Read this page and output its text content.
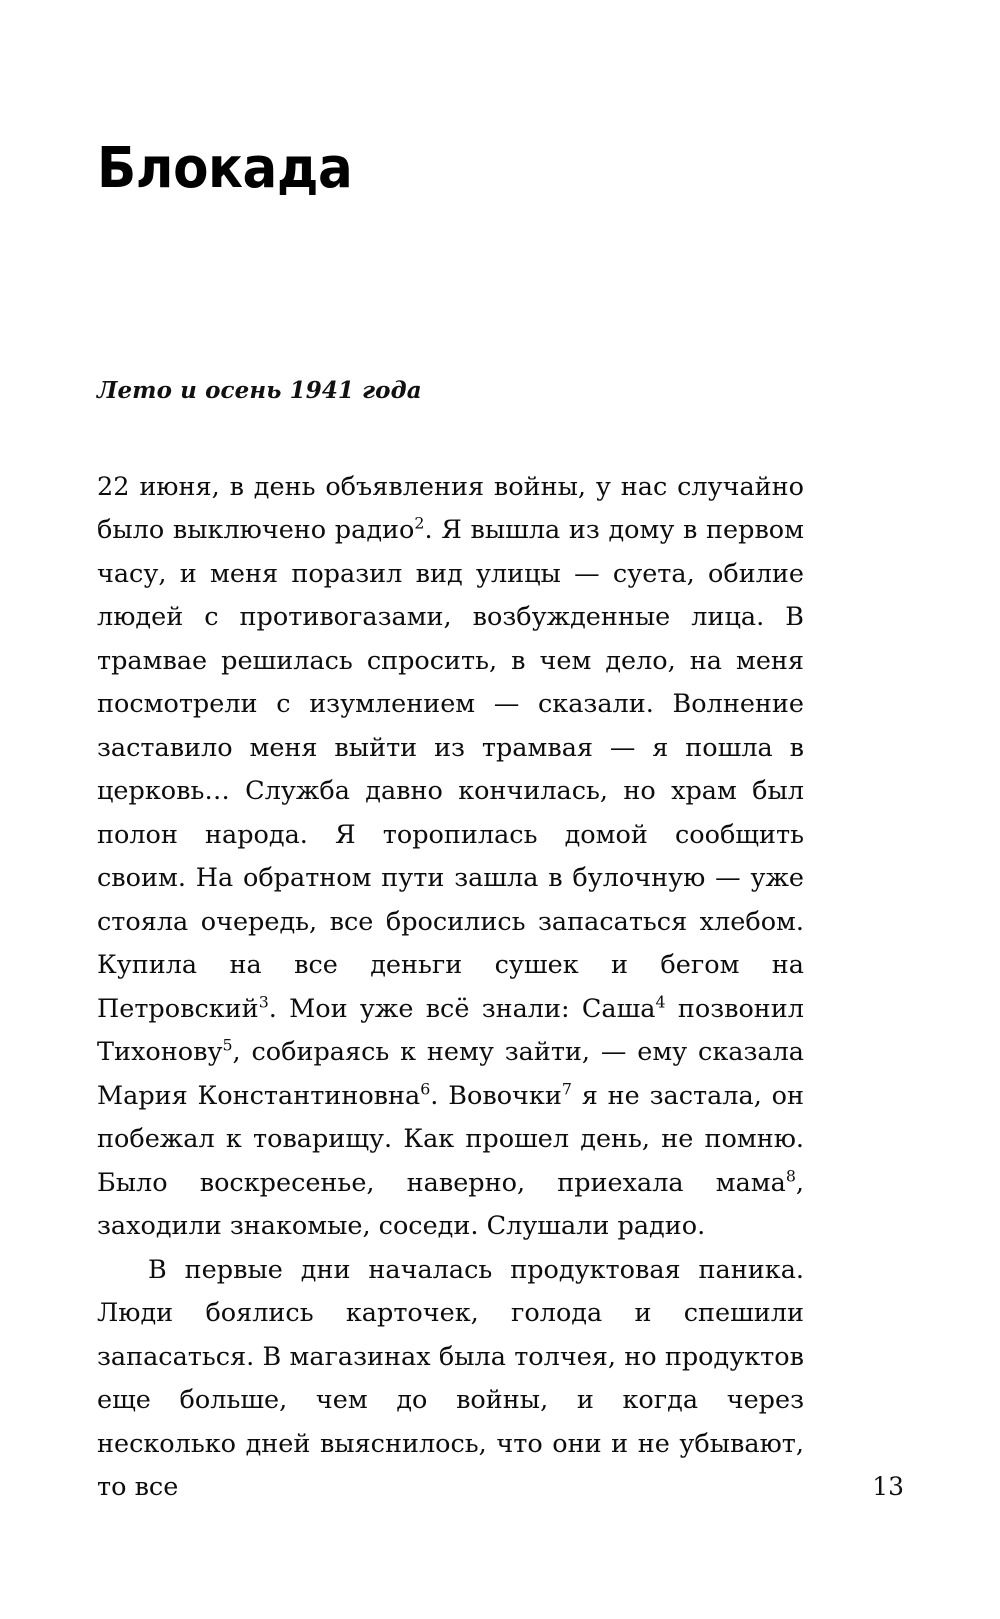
Блокада
Лето и осень 1941 года

22 июня, в день объявления войны, у нас случайно было выключено радио$^2$. Я вышла из дому в первом часу, и меня поразил вид улицы — суета, обилие людей с противогазами, возбужденные лица. В трамвае решилась спросить, в чем дело, на меня посмотрели с изумлением — сказали. Волнение заставило меня выйти из трамвая — я пошла в церковь… Служба давно кончилась, но храм был полон народа. Я торопилась домой сообщить своим. На обратном пути зашла в булочную — уже стояла очередь, все бросились запасаться хлебом. Купила на все деньги сушек и бегом на Петровский$^3$. Мои уже всё знали: Саша$^4$ позвонил Тихонову$^5$, собираясь к нему зайти, — ему сказала Мария Константиновна$^6$. Вовочки$^7$ я не застала, он побежал к товарищу. Как прошел день, не помню. Было воскресенье, наверно, приехала мама$^8$, заходили знакомые, соседи. Слушали радио.

В первые дни началась продуктовая паника. Люди боялись карточек, голода и спешили запасаться. В магазинах была толчея, но продуктов еще больше, чем до войны, и когда через несколько дней выяснилось, что они и не убывают, то все	13
